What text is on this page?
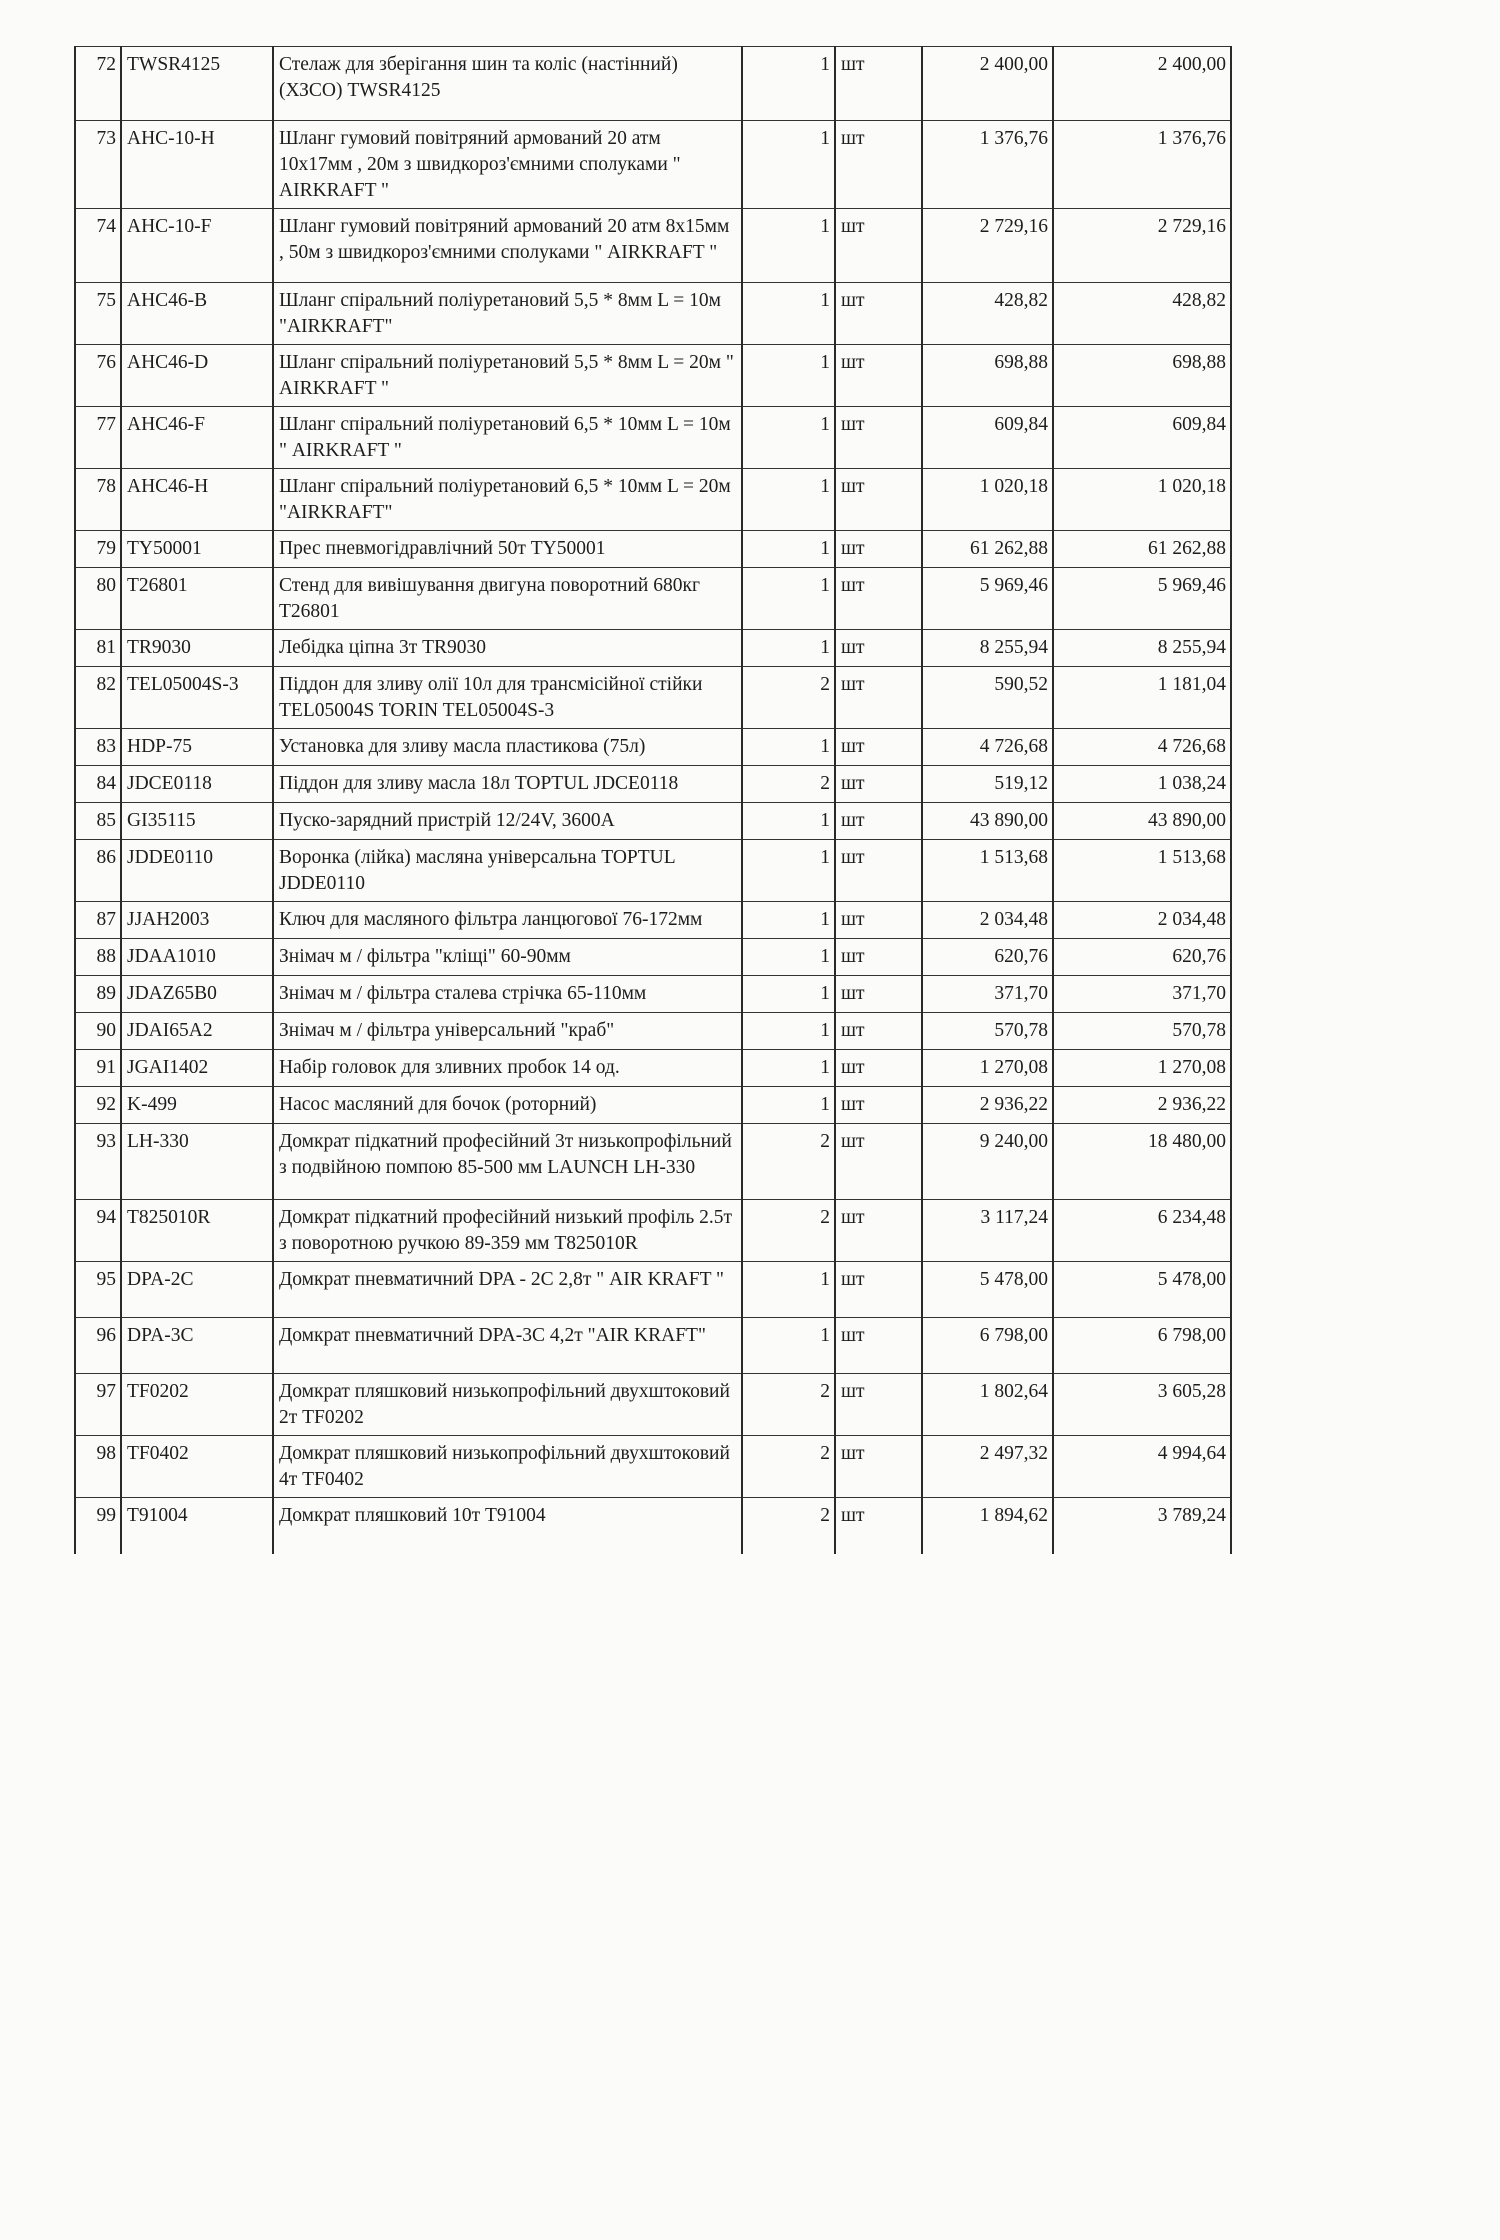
72	TWSR4125	Стелаж для зберігання шин та коліс (настінний) (ХЗСО) TWSR4125	1	шт	2 400,00	2 400,00
73	AHC-10-H	Шланг гумовий повітряний армований 20 атм 10х17мм , 20м з швидкороз'ємними сполуками " AIRKRAFT "	1	шт	1 376,76	1 376,76
74	AHC-10-F	Шланг гумовий повітряний армований 20 атм 8х15мм , 50м з швидкороз'ємними сполуками " AIRKRAFT "	1	шт	2 729,16	2 729,16
75	AHC46-B	Шланг спіральний поліуретановий 5,5 * 8мм L = 10м "AIRKRAFT"	1	шт	428,82	428,82
76	AHC46-D	Шланг спіральний поліуретановий 5,5 * 8мм L = 20м " AIRKRAFT "	1	шт	698,88	698,88
77	AHC46-F	Шланг спіральний поліуретановий 6,5 * 10мм L = 10м " AIRKRAFT "	1	шт	609,84	609,84
78	AHC46-H	Шланг спіральний поліуретановий 6,5 * 10мм L = 20м "AIRKRAFT"	1	шт	1 020,18	1 020,18
79	TY50001	Прес пневмогідравлічний 50т TY50001	1	шт	61 262,88	61 262,88
80	T26801	Стенд для вивішування двигуна поворотний 680кг T26801	1	шт	5 969,46	5 969,46
81	TR9030	Лебідка ціпна 3т TR9030	1	шт	8 255,94	8 255,94
82	TEL05004S-3	Піддон для зливу олії 10л для трансмісійної стійки TEL05004S TORIN TEL05004S-3	2	шт	590,52	1 181,04
83	HDP-75	Установка для зливу масла пластикова (75л)	1	шт	4 726,68	4 726,68
84	JDCE0118	Піддон для зливу масла 18л TOPTUL JDCE0118	2	шт	519,12	1 038,24
85	GI35115	Пуско-зарядний пристрій 12/24V, 3600А	1	шт	43 890,00	43 890,00
86	JDDE0110	Воронка (лійка) масляна універсальна TOPTUL JDDE0110	1	шт	1 513,68	1 513,68
87	JJAH2003	Ключ для масляного фільтра ланцюгової 76-172мм	1	шт	2 034,48	2 034,48
88	JDAA1010	Знімач м / фільтра "кліщі" 60-90мм	1	шт	620,76	620,76
89	JDAZ65B0	Знімач м / фільтра сталева стрічка 65-110мм	1	шт	371,70	371,70
90	JDAI65A2	Знімач м / фільтра універсальний "краб"	1	шт	570,78	570,78
91	JGAI1402	Набір головок для зливних пробок 14 од.	1	шт	1 270,08	1 270,08
92	K-499	Насос масляний для бочок (роторний)	1	шт	2 936,22	2 936,22
93	LH-330	Домкрат підкатний професійний 3т низькопрофільний з подвійною помпою 85-500 мм LAUNCH LH-330	2	шт	9 240,00	18 480,00
94	T825010R	Домкрат підкатний професійний низький профіль 2.5т з поворотною ручкою 89-359 мм T825010R	2	шт	3 117,24	6 234,48
95	DPA-2C	Домкрат пневматичний DPA - 2C 2,8т " AIR KRAFT "	1	шт	5 478,00	5 478,00
96	DPA-3C	Домкрат пневматичний DPA-3C 4,2т "AIR KRAFT"	1	шт	6 798,00	6 798,00
97	TF0202	Домкрат пляшковий низькопрофільний двухштоковий 2т TF0202	2	шт	1 802,64	3 605,28
98	TF0402	Домкрат пляшковий низькопрофільний двухштоковий 4т TF0402	2	шт	2 497,32	4 994,64
99	T91004	Домкрат пляшковий 10т T91004	2	шт	1 894,62	3 789,24
